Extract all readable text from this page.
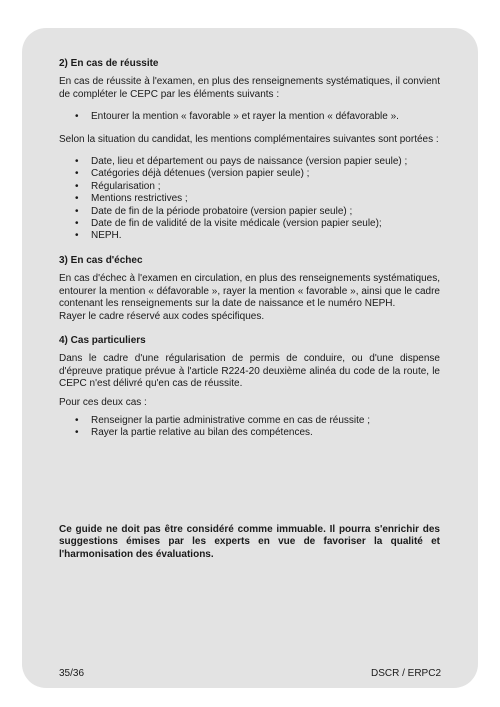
2) En cas de réussite

En cas de réussite à l'examen, en plus des renseignements systématiques, il convient de compléter le CEPC par les éléments suivants :

• Entourer la mention « favorable » et rayer la mention « défavorable ».

Selon la situation du candidat, les mentions complémentaires suivantes sont portées :

• Date, lieu et département ou pays de naissance (version papier seule) ;
• Catégories déjà détenues (version papier seule) ;
• Régularisation ;
• Mentions restrictives ;
• Date de fin de la période probatoire (version papier seule) ;
• Date de fin de validité de la visite médicale (version papier seule);
• NEPH.
3) En cas d'échec

En cas d'échec à l'examen en circulation, en plus des renseignements systématiques, entourer la mention « défavorable », rayer la mention « favorable », ainsi que le cadre contenant les renseignements sur la date de naissance et le numéro NEPH.

Rayer le cadre réservé aux codes spécifiques.

4) Cas particuliers

Dans le cadre d'une régularisation de permis de conduire, ou d'une dispense d'épreuve pratique prévue à l'article R224-20 deuxième alinéa du code de la route, le CEPC n'est délivré qu'en cas de réussite.

Pour ces deux cas :

• Renseigner la partie administrative comme en cas de réussite ;
• Rayer la partie relative au bilan des compétences.

Ce guide ne doit pas être considéré comme immuable. Il pourra s'enrichir des suggestions émises par les experts en vue de favoriser la qualité et l'harmonisation des évaluations.

35/36	DSCR / ERPC2
